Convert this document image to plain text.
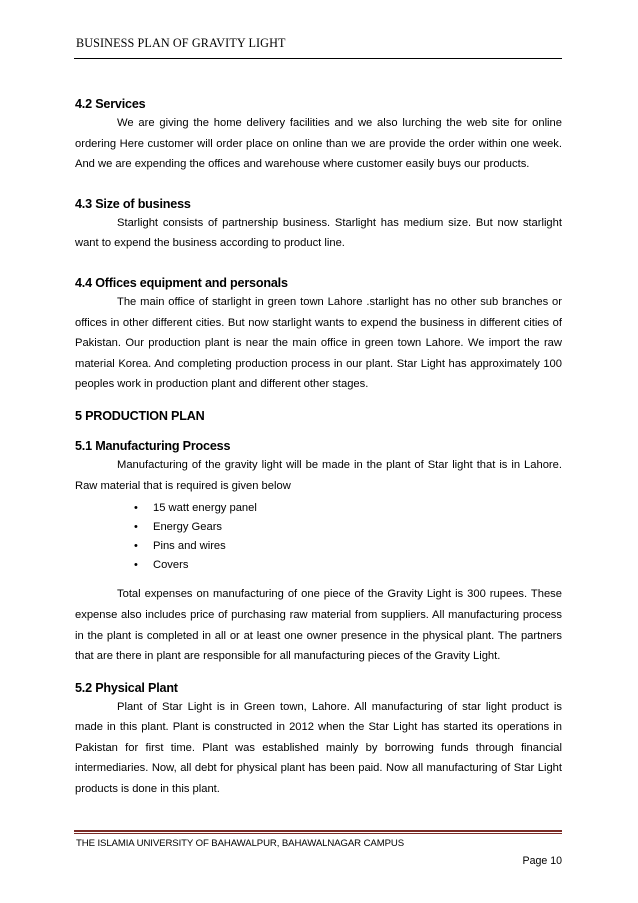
BUSINESS PLAN OF GRAVITY LIGHT
4.2 Services

We are giving the home delivery facilities and we also lurching the web site for online ordering Here customer will order place on online than we are provide the order within one week. And we are expending the offices and warehouse where customer easily buys our products.

4.3 Size of business

Starlight consists of partnership business. Starlight has medium size. But now starlight want to expend the business according to product line.

4.4 Offices equipment and personals

The main office of starlight in green town Lahore .starlight has no other sub branches or offices in other different cities. But now starlight wants to expend the business in different cities of Pakistan. Our production plant is near the main office in green town Lahore. We import the raw material Korea. And completing production process in our plant. Star Light has approximately 100 peoples work in production plant and different other stages.

5 PRODUCTION PLAN
5.1 Manufacturing Process

Manufacturing of the gravity light will be made in the plant of Star light that is in Lahore. Raw material that is required is given below

• 15 watt energy panel
• Energy Gears
• Pins and wires
• Covers

Total expenses on manufacturing of one piece of the Gravity Light is 300 rupees. These expense also includes price of purchasing raw material from suppliers. All manufacturing process in the plant is completed in all or at least one owner presence in the physical plant. The partners that are there in plant are responsible for all manufacturing pieces of the Gravity Light.

5.2 Physical Plant

Plant of Star Light is in Green town, Lahore. All manufacturing of star light product is made in this plant. Plant is constructed in 2012 when the Star Light has started its operations in Pakistan for first time. Plant was established mainly by borrowing funds through financial intermediaries. Now, all debt for physical plant has been paid. Now all manufacturing of Star Light products is done in this plant.

THE ISLAMIA UNIVERSITY OF BAHAWALPUR, BAHAWALNAGAR CAMPUS
Page 10
